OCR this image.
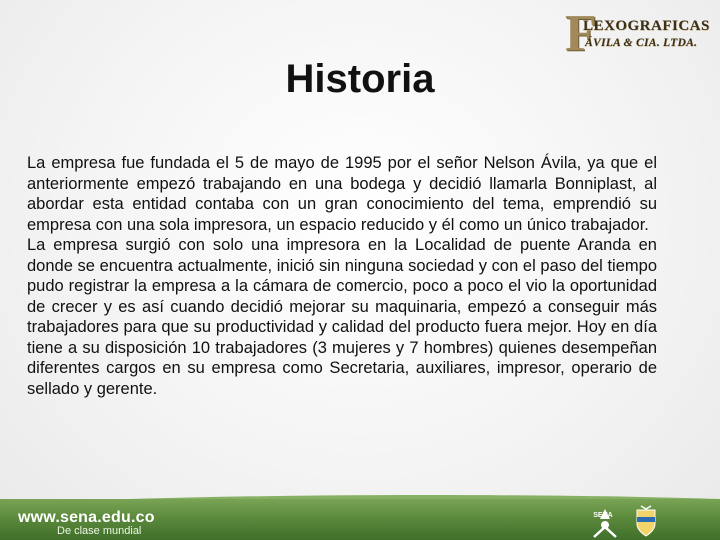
F
LEXOGRAFICAS
ÁVILA & CIA. LTDA.
Historia

La empresa fue fundada el 5 de mayo de 1995 por el señor Nelson Ávila, ya que el anteriormente empezó trabajando en una bodega y decidió llamarla Bonniplast, al abordar esta entidad contaba con un gran conocimiento del tema, emprendió su empresa con una sola impresora, un espacio reducido y él como un único trabajador.

La empresa surgió con solo una impresora en la Localidad de puente Aranda en donde se encuentra actualmente, inició sin ninguna sociedad y con el paso del tiempo pudo registrar la empresa a la cámara de comercio, poco a poco el vio la oportunidad de crecer y es así cuando decidió mejorar su maquinaria, empezó a conseguir más trabajadores para que su productividad y calidad del producto fuera mejor. Hoy en día tiene a su disposición 10 trabajadores (3 mujeres y 7 hombres) quienes desempeñan diferentes cargos en su empresa como Secretaria, auxiliares, impresor, operario de sellado y gerente.

www.sena.edu.co
De clase mundial
SENA
